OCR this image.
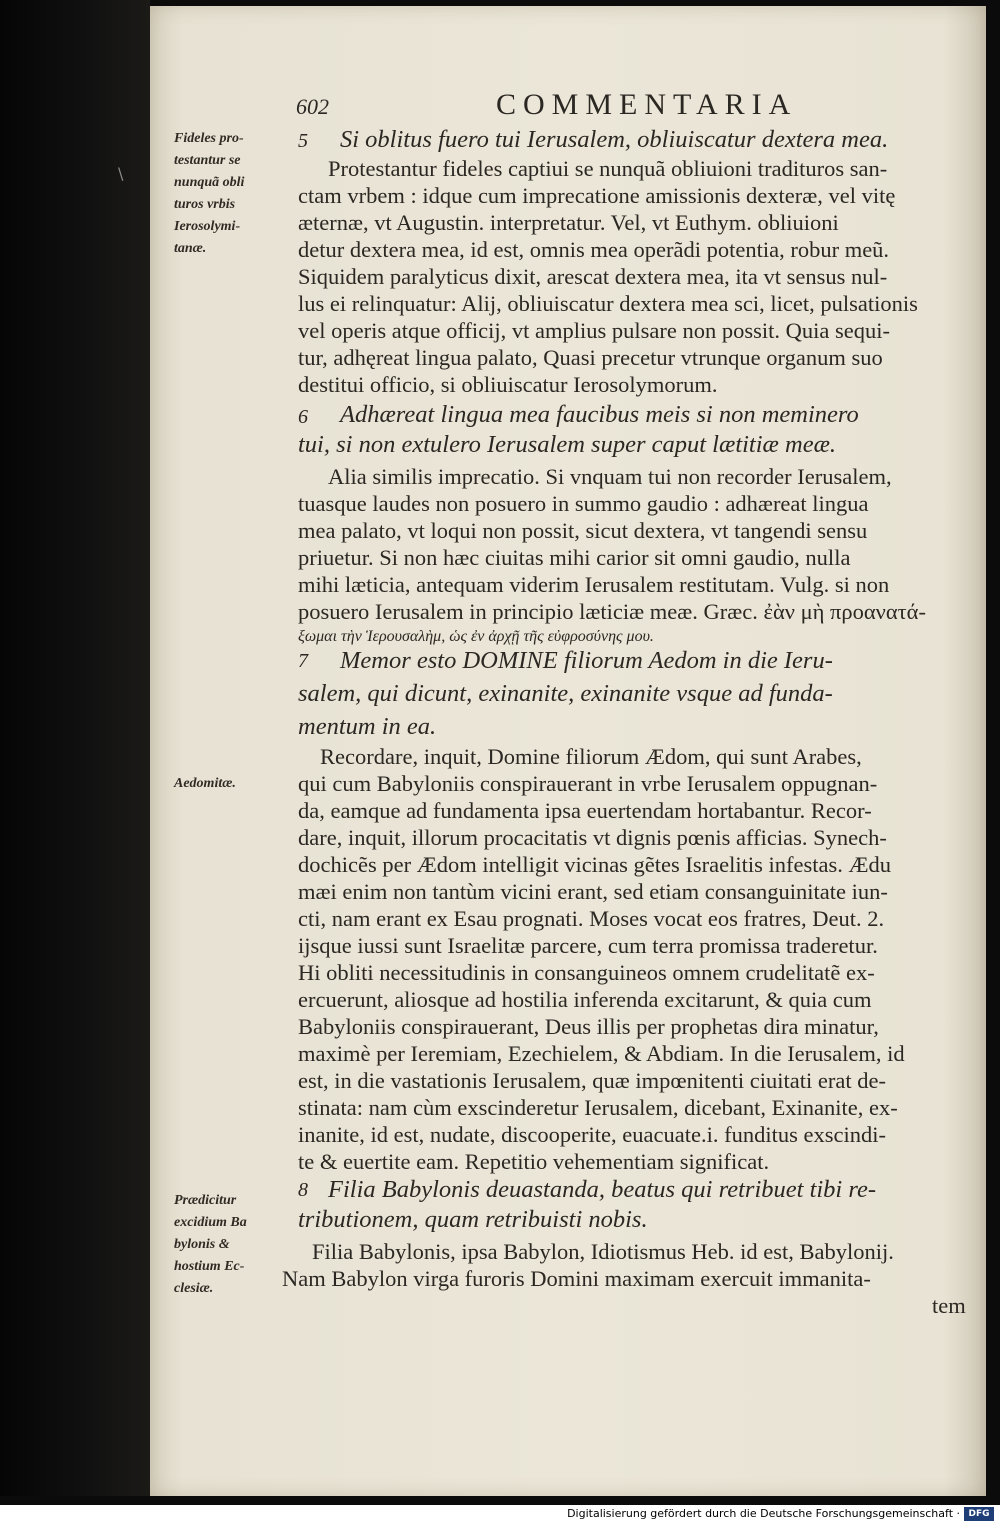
\
602	COMMENTARIA
Fideles pro-
testantur se
nunquã obli
turos vrbis
Ierosolymi-
tanæ.
Aedomitæ.
Prædicitur
excidium Ba
bylonis &
hostium Ec-
clesiæ.
5
6
7
8
Si oblitus fuero tui Ierusalem, obliuiscatur dextera mea.
Protestantur fideles captiui se nunquã obliuioni tradituros san-
ctam vrbem : idque cum imprecatione amissionis dexteræ, vel vitę
æternæ, vt Augustin. interpretatur. Vel, vt Euthym. obliuioni
detur dextera mea, id est, omnis mea operãdi potentia, robur meũ.
Siquidem paralyticus dixit, arescat dextera mea, ita vt sensus nul-
lus ei relinquatur: Alij, obliuiscatur dextera mea sci, licet, pulsationis
vel operis atque officij, vt amplius pulsare non possit. Quia sequi-
tur, adhęreat lingua palato, Quasi precetur vtrunque organum suo
destitui officio, si obliuiscatur Ierosolymorum.
Adhæreat lingua mea faucibus meis si non meminero
tui, si non extulero Ierusalem super caput lætitiæ meæ.
Alia similis imprecatio. Si vnquam tui non recorder Ierusalem,
tuasque laudes non posuero in summo gaudio : adhæreat lingua
mea palato, vt loqui non possit, sicut dextera, vt tangendi sensu
priuetur. Si non hæc ciuitas mihi carior sit omni gaudio, nulla
mihi læticia, antequam viderim Ierusalem restitutam. Vulg. si non
posuero Ierusalem in principio læticiæ meæ. Græc. ἐὰν μὴ προανατά-
ξωμαι τὴν Ἱερουσαλὴμ, ὡς ἐν ἀρχῇ τῆς εὐφροσύνης μου.
Memor esto DOMINE filiorum Aedom in die Ieru-
salem, qui dicunt, exinanite, exinanite vsque ad funda-
mentum in ea.
Recordare, inquit, Domine filiorum Ædom, qui sunt Arabes,
qui cum Babyloniis conspirauerant in vrbe Ierusalem oppugnan-
da, eamque ad fundamenta ipsa euertendam hortabantur. Recor-
dare, inquit, illorum procacitatis vt dignis pœnis afficias. Synech-
dochicẽs per Ædom intelligit vicinas gẽtes Israelitis infestas. Ædu
mæi enim non tantùm vicini erant, sed etiam consanguinitate iun-
cti, nam erant ex Esau prognati. Moses vocat eos fratres, Deut. 2.
ijsque iussi sunt Israelitæ parcere, cum terra promissa traderetur.
Hi obliti necessitudinis in consanguineos omnem crudelitatẽ ex-
ercuerunt, aliosque ad hostilia inferenda excitarunt, & quia cum
Babyloniis conspirauerant, Deus illis per prophetas dira minatur,
maximè per Ieremiam, Ezechielem, & Abdiam. In die Ierusalem, id
est, in die vastationis Ierusalem, quæ impœnitenti ciuitati erat de-
stinata: nam cùm exscinderetur Ierusalem, dicebant, Exinanite, ex-
inanite, id est, nudate, discooperite, euacuate.i. funditus exscindi-
te & euertite eam. Repetitio vehementiam significat.
Filia Babylonis deuastanda, beatus qui retribuet tibi re-
tributionem, quam retribuisti nobis.
Filia Babylonis, ipsa Babylon, Idiotismus Heb. id est, Babylonij.
Nam Babylon virga furoris Domini maximam exercuit immanita-
tem
Digitalisierung gefördert durch die Deutsche Forschungsgemeinschaft · DFG
